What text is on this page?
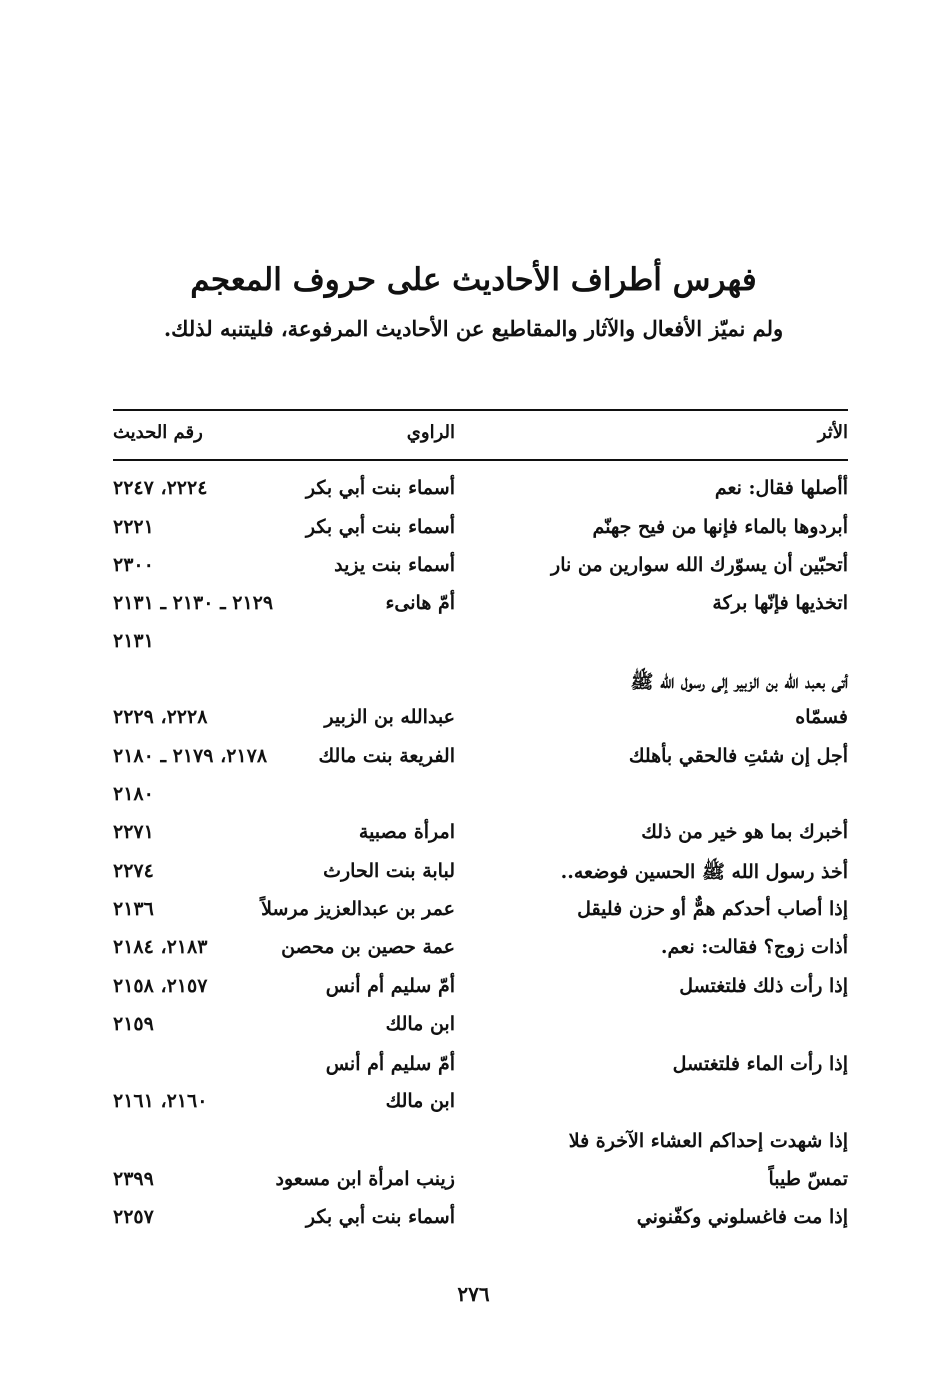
فهرس أطراف الأحاديث على حروف المعجم
ولم نميّز الأفعال والآثار والمقاطيع عن الأحاديث المرفوعة، فليتنبه لذلك.
الأثر
الراوي
رقم الحديث
أأصلها فقال: نعم
أسماء بنت أبي بكر
٢٢٢٤، ٢٢٤٧
أبردوها بالماء فإنها من فيح جهنّم
أسماء بنت أبي بكر
٢٢٢١
أتحبّين أن يسوّرك الله سوارين من نار
أسماء بنت يزيد
٢٣٠٠
اتخذيها فإنّها بركة
أمّ هانىء
٢١٢٩ ـ ٢١٣٠ ـ ٢١٣١
٢١٣١
أتى بعبد الله بن الزبير إلى رسول الله ﷺ
فسمّاه
عبدالله بن الزبير
٢٢٢٨، ٢٢٢٩
أجل إن شئتِ فالحقي بأهلك
الفريعة بنت مالك
٢١٧٨، ٢١٧٩ ـ ٢١٨٠
٢١٨٠
أخبرك بما هو خير من ذلك
امرأة مصبية
٢٢٧١
أخذ رسول الله ﷺ الحسين فوضعه..
لبابة بنت الحارث
٢٢٧٤
إذا أصاب أحدكم همٌّ أو حزن فليقل
عمر بن عبدالعزيز مرسلاً
٢١٣٦
أذات زوج؟ فقالت: نعم.
عمة حصين بن محصن
٢١٨٣، ٢١٨٤
إذا رأت ذلك فلتغتسل
أمّ سليم أم أنس
٢١٥٧، ٢١٥٨
ابن مالك
٢١٥٩
إذا رأت الماء فلتغتسل
أمّ سليم أم أنس
ابن مالك
٢١٦٠، ٢١٦١
إذا شهدت إحداكم العشاء الآخرة فلا
تمسّ طيباً
زينب امرأة ابن مسعود
٢٣٩٩
إذا مت فاغسلوني وكفّنوني
أسماء بنت أبي بكر
٢٢٥٧
٢٧٦
